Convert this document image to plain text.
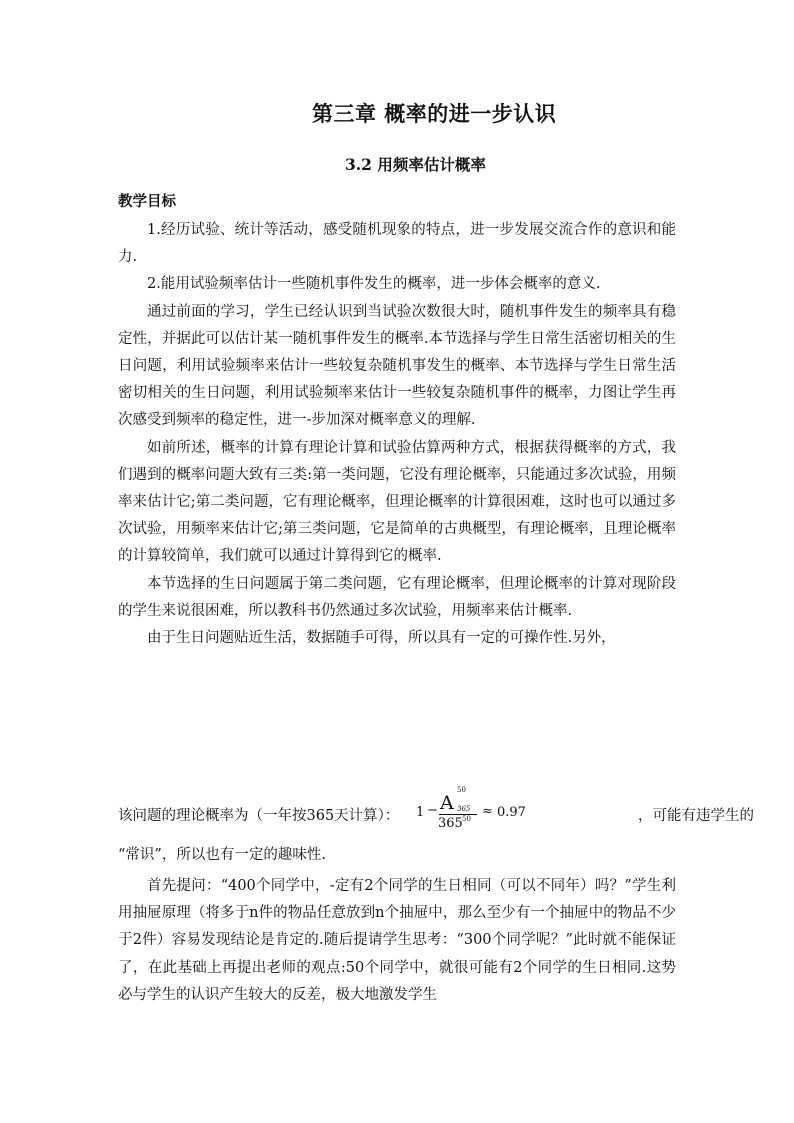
第三章 概率的进一步认识
3.2 用频率估计概率
教学目标

1.经历试验、统计等活动，感受随机现象的特点，进一步发展交流合作的意识和能力.

2.能用试验频率估计一些随机事件发生的概率，进一步体会概率的意义.

通过前面的学习，学生已经认识到当试验次数很大时，随机事件发生的频率具有稳定性，并据此可以估计某一随机事件发生的概率.本节选择与学生日常生活密切相关的生日问题，利用试验频率来估计一些较复杂随机事发生的概率、本节选择与学生日常生活密切相关的生日问题，利用试验频率来估计一些较复杂随机事件的概率，力图让学生再次感受到频率的稳定性，进一-步加深对概率意义的理解.

如前所述，概率的计算有理论计算和试验估算两种方式，根据获得概率的方式，我们遇到的概率问题大致有三类:第一类问题，它没有理论概率，只能通过多次试验，用频率来估计它;第二类问题，它有理论概率，但理论概率的计算很困难，这时也可以通过多次试验，用频率来估计它;第三类问题，它是简单的古典概型，有理论概率，且理论概率的计算较简单，我们就可以通过计算得到它的概率.

本节选择的生日问题属于第二类问题，它有理论概率，但理论概率的计算对现阶段的学生来说很困难，所以教科书仍然通过多次试验，用频率来估计概率.

由于生日问题贴近生活，数据随手可得，所以具有一定的可操作性.另外，

该问题的理论概率为（一年按365天计算）： 1 − A
50
365
365 50 ≈ 0.97	，可能有违学生的
“常识”，所以也有一定的趣味性.

首先提问：“400个同学中，-定有2个同学的生日相同（可以不同年）吗？”学生利用抽屉原理（将多于n件的物品任意放到n个抽屉中，那么至少有一个抽屉中的物品不少于2件）容易发现结论是肯定的.随后提请学生思考：“300个同学呢？”此时就不能保证了，在此基础上再提出老师的观点:50个同学中，就很可能有2个同学的生日相同.这势必与学生的认识产生较大的反差，极大地激发学生
